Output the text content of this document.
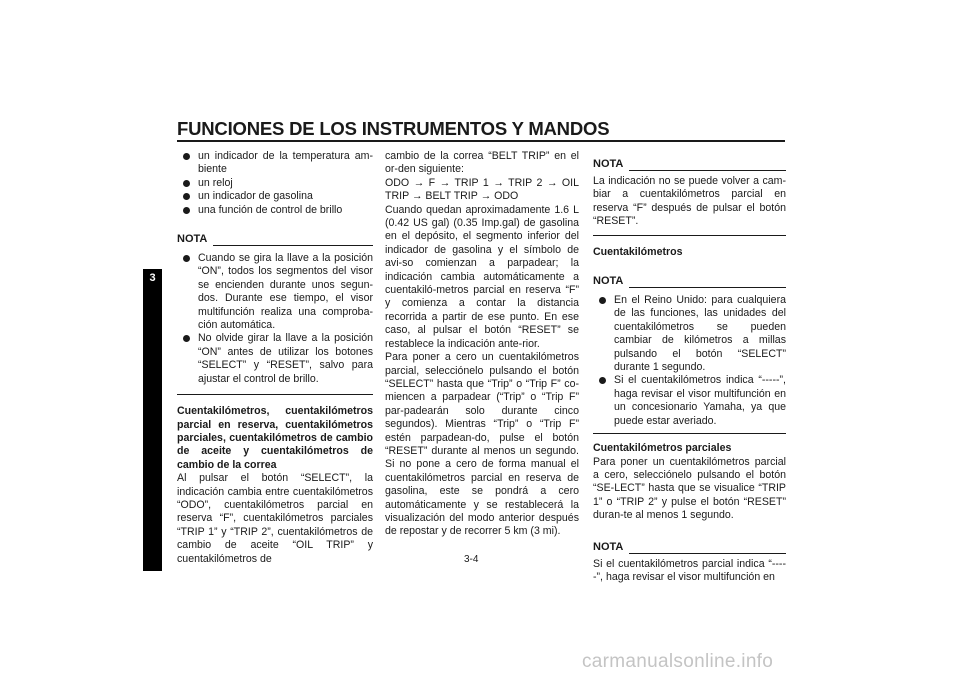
FUNCIONES DE LOS INSTRUMENTOS Y MANDOS
3
un indicador de la temperatura am-biente
un reloj
un indicador de gasolina
una función de control de brillo
NOTA
Cuando se gira la llave a la posición “ON”, todos los segmentos del visor se encienden durante unos segun-dos. Durante ese tiempo, el visor multifunción realiza una comproba-ción automática.
No olvide girar la llave a la posición “ON” antes de utilizar los botones “SELECT” y “RESET”, salvo para ajustar el control de brillo.

Cuentakilómetros, cuentakilómetros parcial en reserva, cuentakilómetros parciales, cuentakilómetros de cambio de aceite y cuentakilómetros de cambio de la correa

Al pulsar el botón “SELECT”, la indicación cambia entre cuentakilómetros “ODO”, cuentakilómetros parcial en reserva “F”, cuentakilómetros parciales “TRIP 1” y “TRIP 2”, cuentakilómetros de cambio de aceite “OIL TRIP” y cuentakilómetros de

cambio de la correa “BELT TRIP” en el or-den siguiente:

ODO → F → TRIP 1 → TRIP 2 → OIL TRIP → BELT TRIP → ODO

Cuando quedan aproximadamente 1.6 L (0.42 US gal) (0.35 Imp.gal) de gasolina en el depósito, el segmento inferior del indicador de gasolina y el símbolo de avi-so comienzan a parpadear; la indicación cambia automáticamente a cuentakiló-metros parcial en reserva “F” y comienza a contar la distancia recorrida a partir de ese punto. En ese caso, al pulsar el botón “RESET” se restablece la indicación ante-rior.

Para poner a cero un cuentakilómetros parcial, selecciónelo pulsando el botón “SELECT” hasta que “Trip” o “Trip F” co-miencen a parpadear (“Trip” o “Trip F” par-padearán solo durante cinco segundos). Mientras “Trip” o “Trip F” estén parpadean-do, pulse el botón “RESET” durante al menos un segundo. Si no pone a cero de forma manual el cuentakilómetros parcial en reserva de gasolina, este se pondrá a cero automáticamente y se restablecerá la visualización del modo anterior después de repostar y de recorrer 5 km (3 mi).

NOTA

La indicación no se puede volver a cam-biar a cuentakilómetros parcial en reserva “F” después de pulsar el botón “RESET”.

Cuentakilómetros

NOTA
En el Reino Unido: para cualquiera de las funciones, las unidades del cuentakilómetros se pueden cambiar de kilómetros a millas pulsando el botón “SELECT” durante 1 segundo.
Si el cuentakilómetros indica “-----”, haga revisar el visor multifunción en un concesionario Yamaha, ya que puede estar averiado.

Cuentakilómetros parciales

Para poner un cuentakilómetros parcial a cero, selecciónelo pulsando el botón “SE-LECT” hasta que se visualice “TRIP 1” o “TRIP 2” y pulse el botón “RESET” duran-te al menos 1 segundo.

NOTA

Si el cuentakilómetros parcial indica “-----”, haga revisar el visor multifunción en

3-4
carmanualsonline.info
